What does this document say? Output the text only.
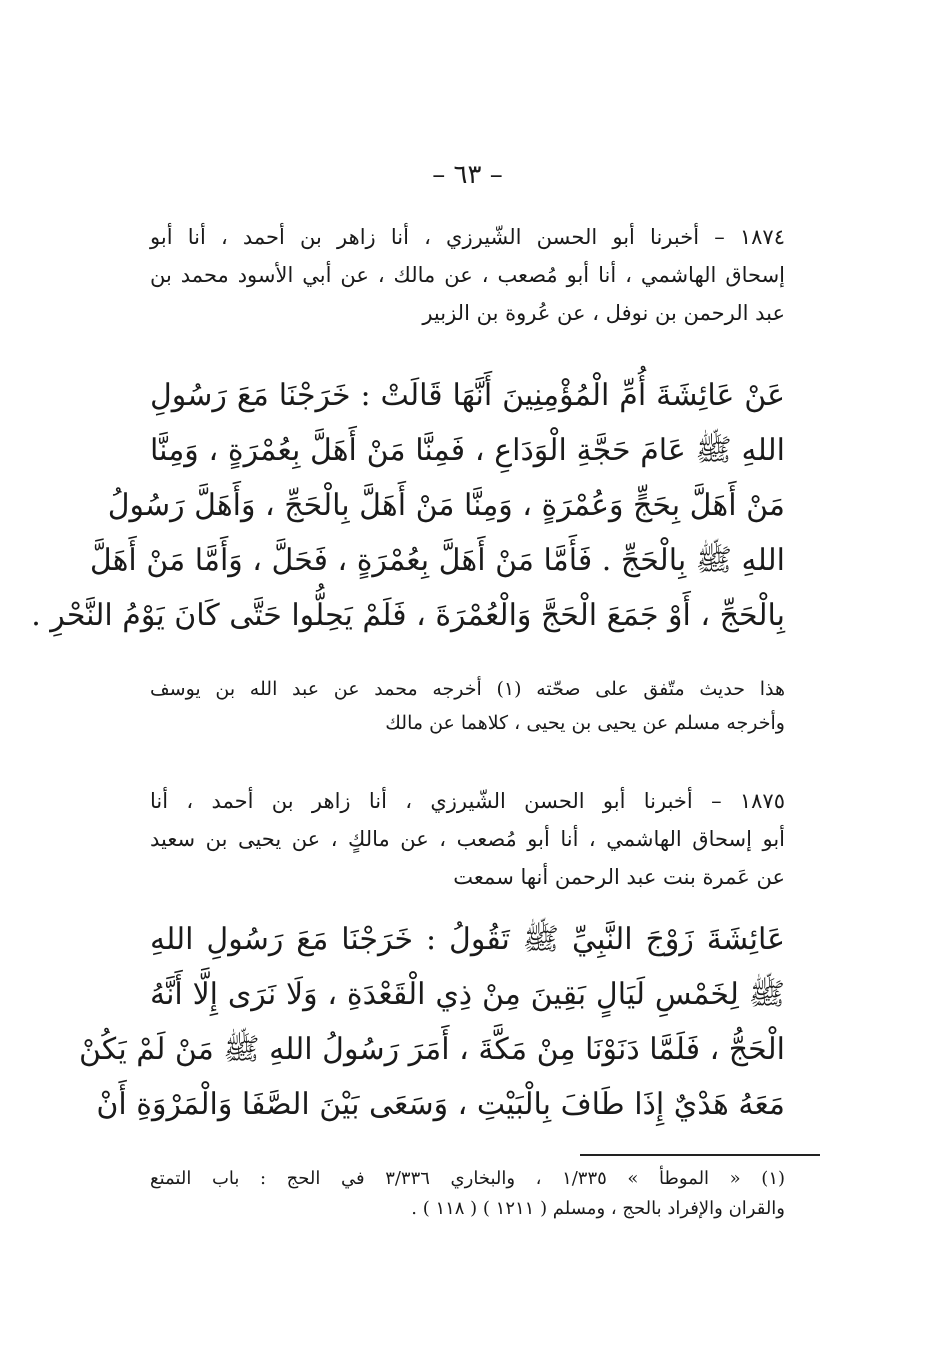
– ٦٣ –
١٨٧٤ – أخبرنا أبو الحسن الشّيرزي ، أنا زاهر بن أحمد ، أنا أبو
إسحاق الهاشمي ، أنا أبو مُصعب ، عن مالك ، عن أبي الأسود محمد بن
عبد الرحمن بن نوفل ، عن عُروة بن الزبير
عَنْ عَائِشَةَ أُمِّ الْمُؤْمِنِينَ أَنَّهَا قَالَتْ : خَرَجْنَا مَعَ رَسُولِ
اللهِ ﷺ عَامَ حَجَّةِ الْوَدَاعِ ، فَمِنَّا مَنْ أَهَلَّ بِعُمْرَةٍ ، وَمِنَّا
مَنْ أَهَلَّ بِحَجٍّ وَعُمْرَةٍ ، وَمِنَّا مَنْ أَهَلَّ بِالْحَجِّ ، وَأَهَلَّ رَسُولُ
اللهِ ﷺ بِالْحَجِّ . فَأَمَّا مَنْ أَهَلَّ بِعُمْرَةٍ ، فَحَلَّ ، وَأَمَّا مَنْ أَهَلَّ
بِالْحَجِّ ، أَوْ جَمَعَ الْحَجَّ وَالْعُمْرَةَ ، فَلَمْ يَحِلُّوا حَتَّى كَانَ يَوْمُ النَّحْرِ .
هذا حديث متّفق على صحّته (١) أخرجه محمد عن عبد الله بن يوسف
وأخرجه مسلم عن يحيى بن يحيى ، كلاهما عن مالك
١٨٧٥ – أخبرنا أبو الحسن الشّيرزي ، أنا زاهر بن أحمد ، أنا
أبو إسحاق الهاشمي ، أنا أبو مُصعب ، عن مالكٍ ، عن يحيى بن سعيد
عن عَمرة بنت عبد الرحمن أنها سمعت
عَائِشَةَ زَوْجَ النَّبِيِّ ﷺ تَقُولُ : خَرَجْنَا مَعَ رَسُولِ اللهِ
ﷺ لِخَمْسِ لَيَالٍ بَقِينَ مِنْ ذِي الْقَعْدَةِ ، وَلَا نَرَى إِلَّا أَنَّهُ
الْحَجُّ ، فَلَمَّا دَنَوْنَا مِنْ مَكَّةَ ، أَمَرَ رَسُولُ اللهِ ﷺ مَنْ لَمْ يَكُنْ
مَعَهُ هَدْيٌ إِذَا طَافَ بِالْبَيْتِ ، وَسَعَى بَيْنَ الصَّفَا وَالْمَرْوَةِ أَنْ
(١) « الموطأ » ١/٣٣٥ ، والبخاري ٣/٣٣٦ في الحج : باب التمتع
والقران والإفراد بالحج ، ومسلم ( ١٢١١ ) ( ١١٨ ) .
